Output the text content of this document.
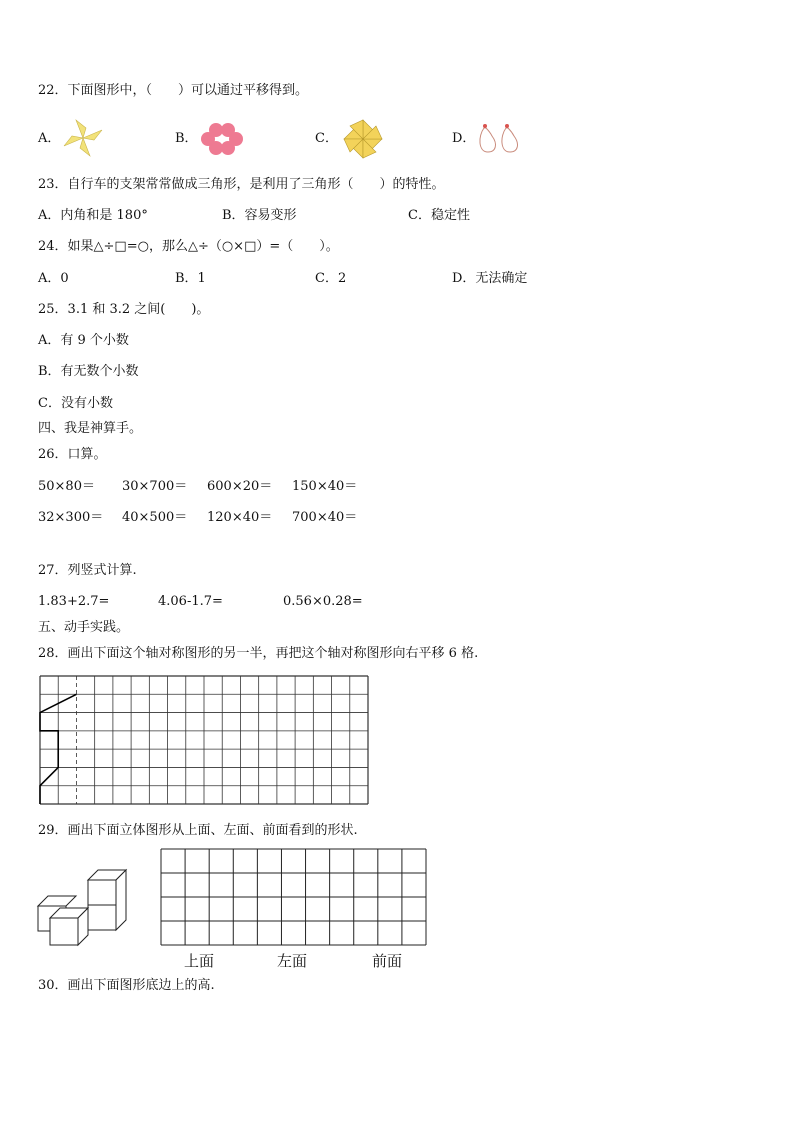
22．下面图形中，（　　）可以通过平移得到。
A．	B．	C．	D．
23．自行车的支架常常做成三角形，是利用了三角形（　　）的特性。
A．内角和是 180°	B．容易变形	C．稳定性
24．如果△÷□=○，那么△÷（○×□）=（　　）。
A．0	B．1	C．2	D．无法确定
25．3.1 和 3.2 之间(　　)。
A．有 9 个小数
B．有无数个小数
C．没有小数
四、我是神算手。
26．口算。
50×80＝ 30×700＝ 600×20＝ 150×40＝
32×300＝ 40×500＝ 120×40＝ 700×40＝
27．列竖式计算.
1.83+2.7=	4.06-1.7=	0.56×0.28=
五、动手实践。
28．画出下面这个轴对称图形的另一半，再把这个轴对称图形向右平移 6 格.
29．画出下面立体图形从上面、左面、前面看到的形状.
上面	左面	前面
30．画出下面图形底边上的高.
